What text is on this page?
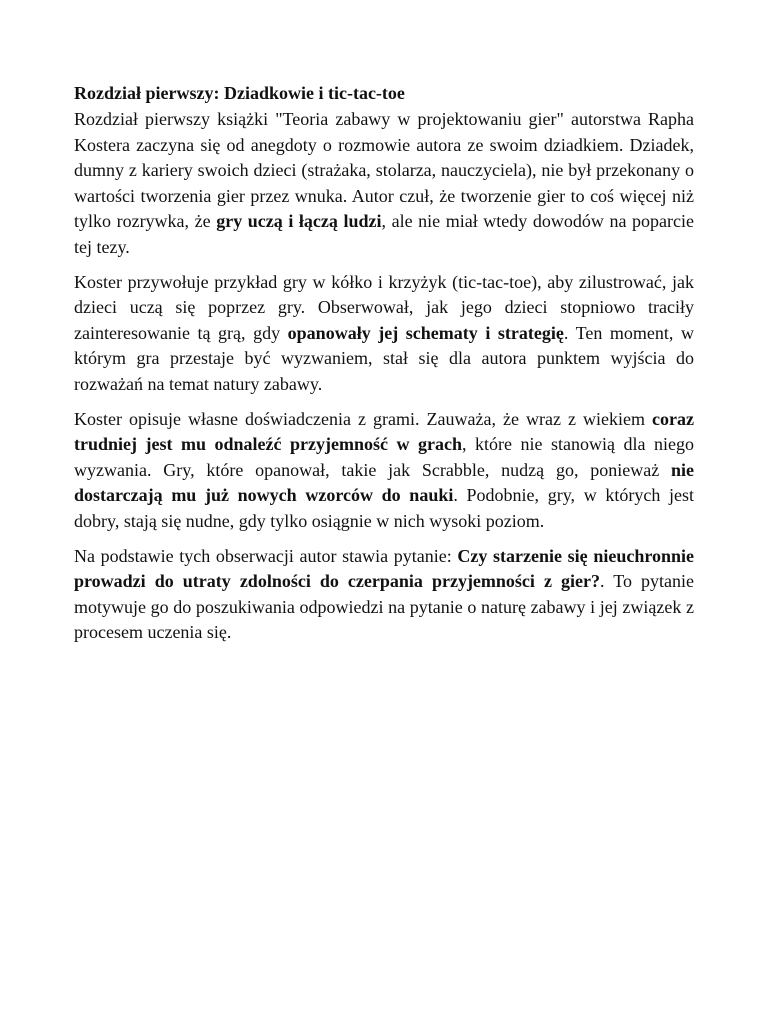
Rozdział pierwszy: Dziadkowie i tic-tac-toe

Rozdział pierwszy książki "Teoria zabawy w projektowaniu gier" autorstwa Rapha Kostera zaczyna się od anegdoty o rozmowie autora ze swoim dziadkiem. Dziadek, dumny z kariery swoich dzieci (strażaka, stolarza, nauczyciela), nie był przekonany o wartości tworzenia gier przez wnuka. Autor czuł, że tworzenie gier to coś więcej niż tylko rozrywka, że gry uczą i łączą ludzi, ale nie miał wtedy dowodów na poparcie tej tezy.

Koster przywołuje przykład gry w kółko i krzyżyk (tic-tac-toe), aby zilustrować, jak dzieci uczą się poprzez gry. Obserwował, jak jego dzieci stopniowo traciły zainteresowanie tą grą, gdy opanowały jej schematy i strategię. Ten moment, w którym gra przestaje być wyzwaniem, stał się dla autora punktem wyjścia do rozważań na temat natury zabawy.

Koster opisuje własne doświadczenia z grami. Zauważa, że wraz z wiekiem coraz trudniej jest mu odnaleźć przyjemność w grach, które nie stanowią dla niego wyzwania. Gry, które opanował, takie jak Scrabble, nudzą go, ponieważ nie dostarczają mu już nowych wzorców do nauki. Podobnie, gry, w których jest dobry, stają się nudne, gdy tylko osiągnie w nich wysoki poziom.

Na podstawie tych obserwacji autor stawia pytanie: Czy starzenie się nieuchronnie prowadzi do utraty zdolności do czerpania przyjemności z gier?. To pytanie motywuje go do poszukiwania odpowiedzi na pytanie o naturę zabawy i jej związek z procesem uczenia się.
